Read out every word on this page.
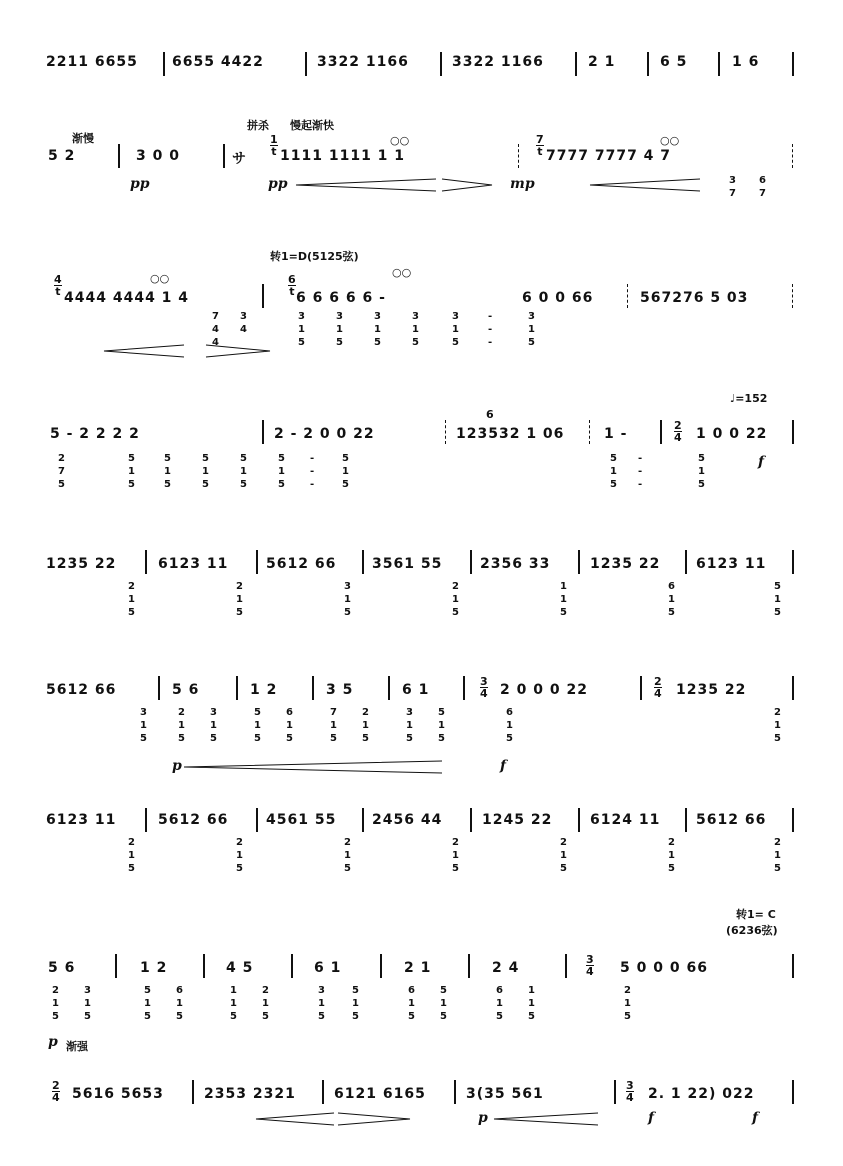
2211 6655 6655 4422	3322 1166	3322 1166	2 1	6 5	1 6
渐慢
拼杀 慢起渐快
5 2	3 0 0	サ
1
t 1111 1111 1 1
○○	7
t 7777 7777 4 7
○○
3
7
6
7
pp	pp	mp
转1=D(5125弦)
4
t 4444 4444 1 4
○○	6
t 6 6 6 6 6 -
○○
6 0 0 66	567276 5 03
7
4
4
3
4
3
1
5
3
1
5
3
1
5
3
1
5
3
1
5
-
-
-
3
1
5
♩=152
5 - 2 2 2 2	2 - 2 0 0 22	123532 1 06	1 -
2
4 1 0 0 22
6
2
7
5
5
1
5
5
1
5
5
1
5
5
1
5
5
1
5
-
-
-
5
1
5
5
1
5
-
-
-
5
1
5
f
1235 22	6123 11	5612 66	3561 55	2356 33	1235 22	6123 11
2
1
5
2
1
5
3
1
5
2
1
5
1
1
5
6
1
5
5
1
5
5612 66	5 6	1 2	3 5	6 1
3
4 2 0 0 0 22
2
4 1235 22
3
1
5
2
1
5
3
1
5
5
1
5
6
1
5
7
1
5
2
1
5
3
1
5
5
1
5
6
1
5
2
1
5
p	f
6123 11	5612 66	4561 55	2456 44	1245 22	6124 11	5612 66
2
1
5
2
1
5
2
1
5
2
1
5
2
1
5
2
1
5
2
1
5
转1= C
(6236弦)
5 6	1 2	4 5	6 1	2 1	2 4
3
4 5 0 0 0 66
2
1
5
3
1
5
5
1
5
6
1
5
1
1
5
2
1
5
3
1
5
5
1
5
6
1
5
5
1
5
6
1
5
1
1
5
2
1
5
p 渐强
2
4 5616 5653	2353 2321	6121 6165	3(35 561
3
4 2. 1 22) 022
p	f	f
